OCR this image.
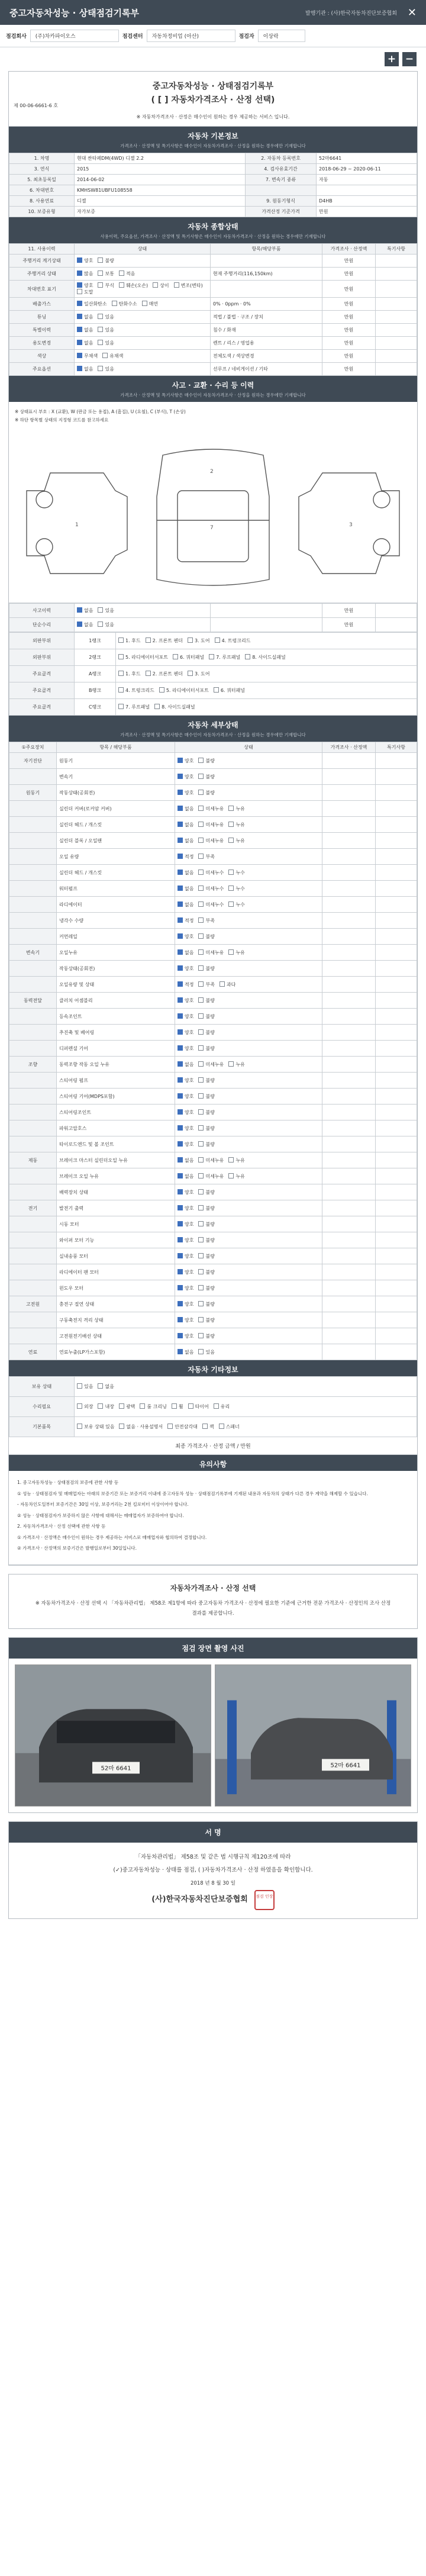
중고자동차성능 · 상태점검기록부	발행기관 : (사)한국자동차진단보증협회 ✕
점검회사	(주)차카파이오스	점검센터	자동차정비업 (아산)	점검자	이상락
+ −
제 00-06-6661-6 호
중고자동차성능 · 상태점검기록부
( [ ] 자동차가격조사 · 산정 선택)
※ 자동차가격조사 · 산정은 매수인이 원하는 경우 제공하는 서비스 입니다.
자동차 기본정보
가격조사 · 산정액 및 특기사항은 매수인이 자동차가격조사 · 산정을 원하는 경우에만 기재합니다
1. 차명	현대 싼타페DM(4WD) 디젤 2.2	2. 자동차 등록번호	52마6641
3. 연식	2015	4. 검사유효기간	2018-06-29 ~ 2020-06-11
5. 최초등록일	2014-06-02	7. 변속기 종류	자동
6. 차대번호	KMHSW81UBFU108558		
8. 사용연료	디젤	9. 원동기형식	D4HB
10. 보증유형	자가보증	가격산정 기준가격	만원
자동차 종합상태
사용이력, 주요옵션, 가격조사 · 산정액 및 특기사항은 매수인이 자동차가격조사 · 산정을 원하는 경우에만 기재합니다
11. 사용이력	상태	항목/해당부품	가격조사 · 산정액	특기사항
주행거리 계기상태	양호 불량		만원	
주행거리 상태	많음 보통 적음	현재 주행거리(116,150km)	만원	
차대번호 표기	양호 부식 훼손(오손) 상이 변조(변타)도말		만원	
배출가스	일산화탄소 탄화수소 매연	0% · 0ppm · 0%	만원	
튜닝	없음 있음	적법 / 불법 · 구조 / 장치	만원	
특별이력	없음 있음	침수 / 화재	만원	
용도변경	없음 있음	렌트 / 리스 / 영업용	만원	
색상	무채색 유채색	전체도색 / 색상변경	만원	
주요옵션	없음 있음	선루프 / 네비게이션 / 기타	만원	
사고 · 교환 · 수리 등 이력
가격조사 · 산정액 및 특기사항은 매수인이 자동차가격조사 · 산정을 원하는 경우에만 기재합니다
※ 상태표시 부호 : X (교환), W (판금 또는 용접), A (흠집), U (요철), C (부식), T (손상)
※ 하단 항목별 상태의 지정형 코드를 참고하세요
1
2
7	3
사고이력	없음 있음		만원	
단순수리	없음 있음		만원	
외판부위	1랭크	1. 후드 2. 프론트 펜더 3. 도어 4. 트렁크리드
외판부위	2랭크	5. 라디에이터서포트 6. 쿼터패널 7. 루프패널 8. 사이드실패널
주요골격	A랭크	1. 후드 2. 프론트 펜더 3. 도어
주요골격	B랭크	4. 트렁크리드 5. 라디에이터서포트 6. 쿼터패널
주요골격	C랭크	7. 루프패널 8. 사이드실패널
자동차 세부상태
가격조사 · 산정액 및 특기사항은 매수인이 자동차가격조사 · 산정을 원하는 경우에만 기재합니다
①주요장치	항목 / 해당부품	상태	가격조사 · 산정액	특기사항
자기진단	원동기	양호 불량		
	변속기	양호 불량		
원동기	작동상태(공회전)	양호 불량		
	실린더 커버(로커암 커버)	없음 미세누유 누유		
	실린더 헤드 / 개스킷	없음 미세누유 누유		
	실린더 블록 / 오일팬	없음 미세누유 누유		
	오일 유량	적정 부족		
	실린더 헤드 / 개스킷	없음 미세누수 누수		
	워터펌프	없음 미세누수 누수		
	라디에이터	없음 미세누수 누수		
	냉각수 수량	적정 부족		
	커먼레일	양호 불량		
변속기	오일누유	없음 미세누유 누유		
	작동상태(공회전)	양호 불량		
	오일유량 및 상태	적정 부족 과다		
동력전달	클러치 어셈블리	양호 불량		
	등속조인트	양호 불량		
	추진축 및 베어링	양호 불량		
	디퍼렌셜 기어	양호 불량		
조향	동력조향 작동 오일 누유	없음 미세누유 누유		
	스티어링 펌프	양호 불량		
	스티어링 기어(MDPS포함)	양호 불량		
	스티어링조인트	양호 불량		
	파워고압호스	양호 불량		
	타이로드엔드 및 볼 조인트	양호 불량		
제동	브레이크 마스터 실린더오일 누유	없음 미세누유 누유		
	브레이크 오일 누유	없음 미세누유 누유		
	배력장치 상태	양호 불량		
전기	발전기 출력	양호 불량		
	시동 모터	양호 불량		
	와이퍼 모터 기능	양호 불량		
	실내송풍 모터	양호 불량		
	라디에이터 팬 모터	양호 불량		
	윈도우 모터	양호 불량		
고전원	충전구 절연 상태	양호 불량		
	구동축전지 격리 상태	양호 불량		
	고전원전기배선 상태	양호 불량		
연료	연료누출(LP가스포함)	없음 있음		
자동차 기타정보
보유 상태	있음 없음
수리필요	외장 내장 광택 룸 크리닝 휠 타이어 유리
기본품목	보유 상태 있음 없음 · 사용설명서 안전삼각대 잭 스패너
최종 가격조사 · 산정 금액 / 만원
유의사항

1. 중고자동차성능 · 상태점검의 보증에 관한 사항 등

① 성능 · 상태점검자 및 매매업자는 아래의 보증기간 또는 보증거리 이내에 중고자동차 성능 · 상태점검기록부에 기재된 내용과 자동차의 상태가 다른 경우 계약을 해제할 수 있습니다.

- 자동차인도일부터 보증기간은 30일 이상, 보증거리는 2천 킬로미터 이상이어야 합니다.

② 성능 · 상태점검자가 보증하지 않은 사항에 대해서는 매매업자가 보증하여야 합니다.

2. 자동차가격조사 · 산정 선택에 관한 사항 등

① 가격조사 · 산정액은 매수인이 원하는 경우 제공하는 서비스로 매매업자와 협의하여 결정합니다.

② 가격조사 · 산정액의 보증기간은 발행일로부터 30일입니다.

자동차가격조사 · 산정 선택
※ 자동차가격조사 · 산정 선택 시 「자동차관리법」 제58조 제1항에 따라 중고자동차 가격조사 · 산정에 필요한 기준에 근거한 전문 가격조사 · 산정인의 조사 산정 결과를 제공합니다.
점검 장면 촬영 사진
52마 6641	52마 6641
서 명
「자동차관리법」 제58조 및 같은 법 시행규칙 제120조에 따라
(✓)중고자동차성능 · 상태를 점검, ( )자동차가격조사 · 산정 하였음을 확인합니다.
2018 년 8 월 30 일
(사)한국자동차진단보증협회 점검 인장
